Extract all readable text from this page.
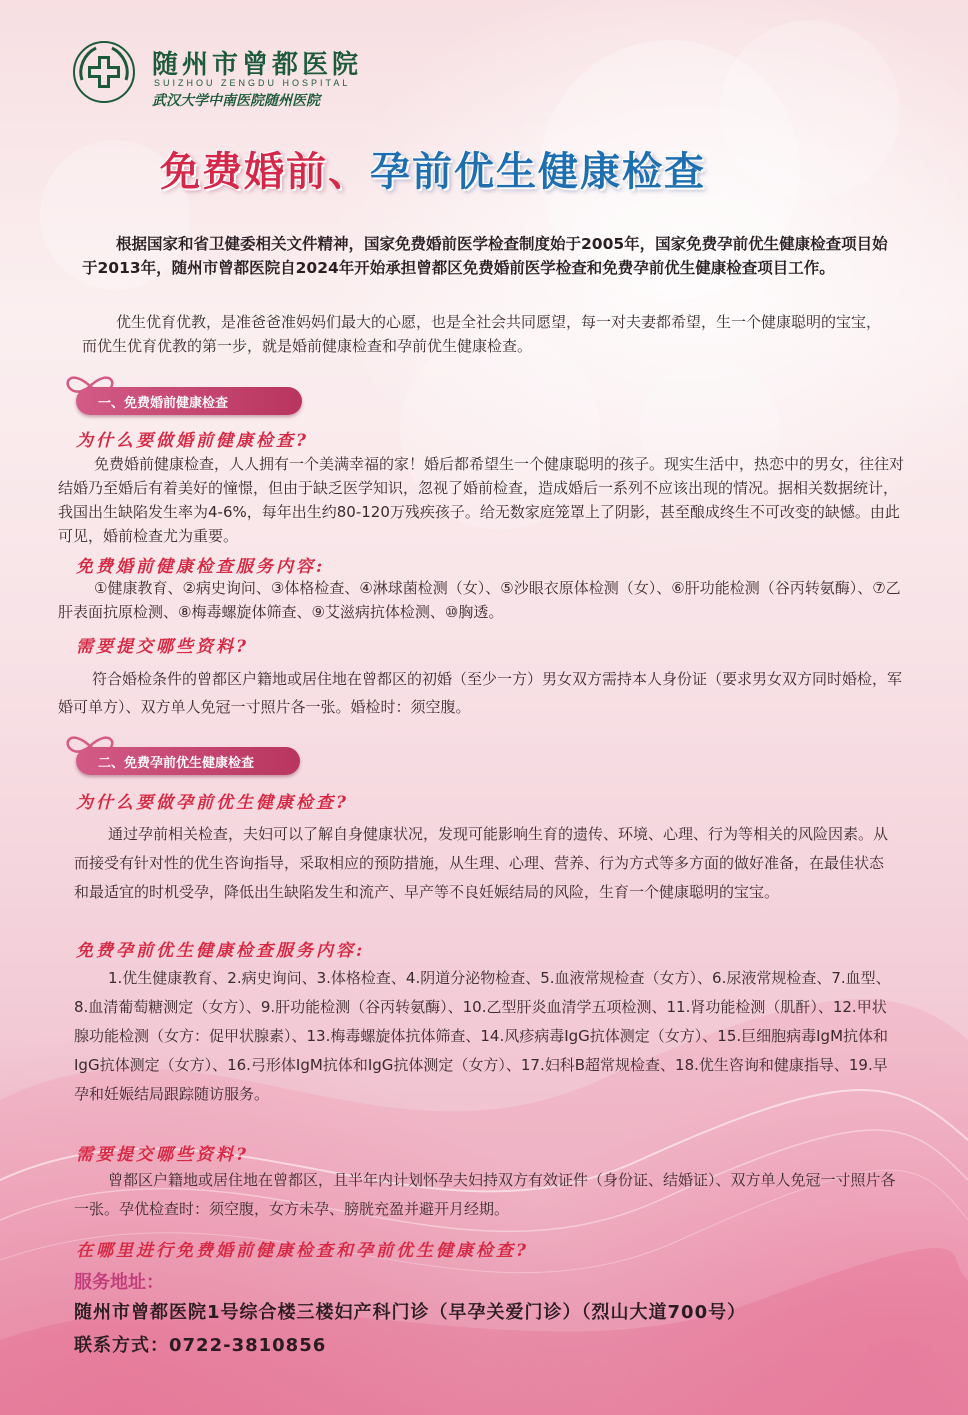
随州市曾都医院
SUIZHOU ZENGDU HOSPITAL
武汉大学中南医院随州医院
免费婚前、孕前优生健康检查
根据国家和省卫健委相关文件精神，国家免费婚前医学检查制度始于2005年，国家免费孕前优生健康检查项目始于2013年，随州市曾都医院自2024年开始承担曾都区免费婚前医学检查和免费孕前优生健康检查项目工作。
优生优育优教，是准爸爸准妈妈们最大的心愿，也是全社会共同愿望，每一对夫妻都希望，生一个健康聪明的宝宝，而优生优育优教的第一步，就是婚前健康检查和孕前优生健康检查。
一、免费婚前健康检查
为什么要做婚前健康检查?
免费婚前健康检查，人人拥有一个美满幸福的家！婚后都希望生一个健康聪明的孩子。现实生活中，热恋中的男女，往往对结婚乃至婚后有着美好的憧憬，但由于缺乏医学知识，忽视了婚前检查，造成婚后一系列不应该出现的情况。据相关数据统计，我国出生缺陷发生率为4-6%，每年出生约80-120万残疾孩子。给无数家庭笼罩上了阴影，甚至酿成终生不可改变的缺憾。由此可见，婚前检查尤为重要。
免费婚前健康检查服务内容:
①健康教育、②病史询问、③体格检查、④淋球菌检测（女）、⑤沙眼衣原体检测（女）、⑥肝功能检测（谷丙转氨酶）、⑦乙肝表面抗原检测、⑧梅毒螺旋体筛查、⑨艾滋病抗体检测、⑩胸透。
需要提交哪些资料?
符合婚检条件的曾都区户籍地或居住地在曾都区的初婚（至少一方）男女双方需持本人身份证（要求男女双方同时婚检，军婚可单方）、双方单人免冠一寸照片各一张。婚检时：须空腹。
二、免费孕前优生健康检查
为什么要做孕前优生健康检查?
通过孕前相关检查，夫妇可以了解自身健康状况，发现可能影响生育的遗传、环境、心理、行为等相关的风险因素。从而接受有针对性的优生咨询指导，采取相应的预防措施，从生理、心理、营养、行为方式等多方面的做好准备，在最佳状态和最适宜的时机受孕，降低出生缺陷发生和流产、早产等不良妊娠结局的风险，生育一个健康聪明的宝宝。
免费孕前优生健康检查服务内容:
1.优生健康教育、2.病史询问、3.体格检查、4.阴道分泌物检查、5.血液常规检查（女方）、6.尿液常规检查、7.血型、8.血清葡萄糖测定（女方）、9.肝功能检测（谷丙转氨酶）、10.乙型肝炎血清学五项检测、11.肾功能检测（肌酐）、12.甲状腺功能检测（女方：促甲状腺素）、13.梅毒螺旋体抗体筛查、14.风疹病毒IgG抗体测定（女方）、15.巨细胞病毒IgM抗体和IgG抗体测定（女方）、16.弓形体IgM抗体和IgG抗体测定（女方）、17.妇科B超常规检查、18.优生咨询和健康指导、19.早孕和妊娠结局跟踪随访服务。
需要提交哪些资料?
曾都区户籍地或居住地在曾都区，且半年内计划怀孕夫妇持双方有效证件（身份证、结婚证）、双方单人免冠一寸照片各一张。孕优检查时：须空腹，女方未孕、膀胱充盈并避开月经期。
在哪里进行免费婚前健康检查和孕前优生健康检查?
服务地址：
随州市曾都医院1号综合楼三楼妇产科门诊（早孕关爱门诊）（烈山大道700号）
联系方式：0722-3810856
